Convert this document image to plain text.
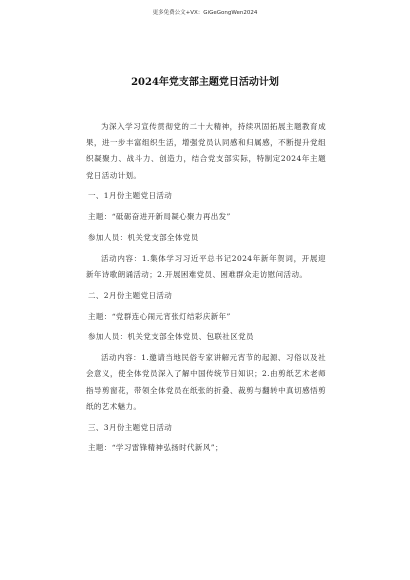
更多免费公文+VX：GiGeGongWen2024
2024年党支部主题党日活动计划

为深入学习宣传贯彻党的二十大精神，持续巩固拓展主题教育成果，进一步丰富组织生活，增强党员认同感和归属感，不断提升党组织凝聚力、战斗力、创造力，结合党支部实际，特制定2024年主题党日活动计划。

一、1月份主题党日活动
主题：“砥砺奋进开新局凝心聚力再出发”
参加人员：机关党支部全体党员

活动内容：1.集体学习习近平总书记2024年新年贺词，开展迎新年诗歌朗诵活动；2.开展困难党员、困难群众走访慰问活动。

二、2月份主题党日活动
主题：“党群连心闹元宵张灯结彩庆新年”
参加人员：机关党支部全体党员、包联社区党员

活动内容：1.邀请当地民俗专家讲解元宵节的起源、习俗以及社会意义，使全体党员深入了解中国传统节日知识；2.由剪纸艺术老师指导剪窗花，带领全体党员在纸张的折叠、裁剪与翻转中真切感悟剪纸的艺术魅力。

三、3月份主题党日活动
主题：“学习雷锋精神弘扬时代新风”；
